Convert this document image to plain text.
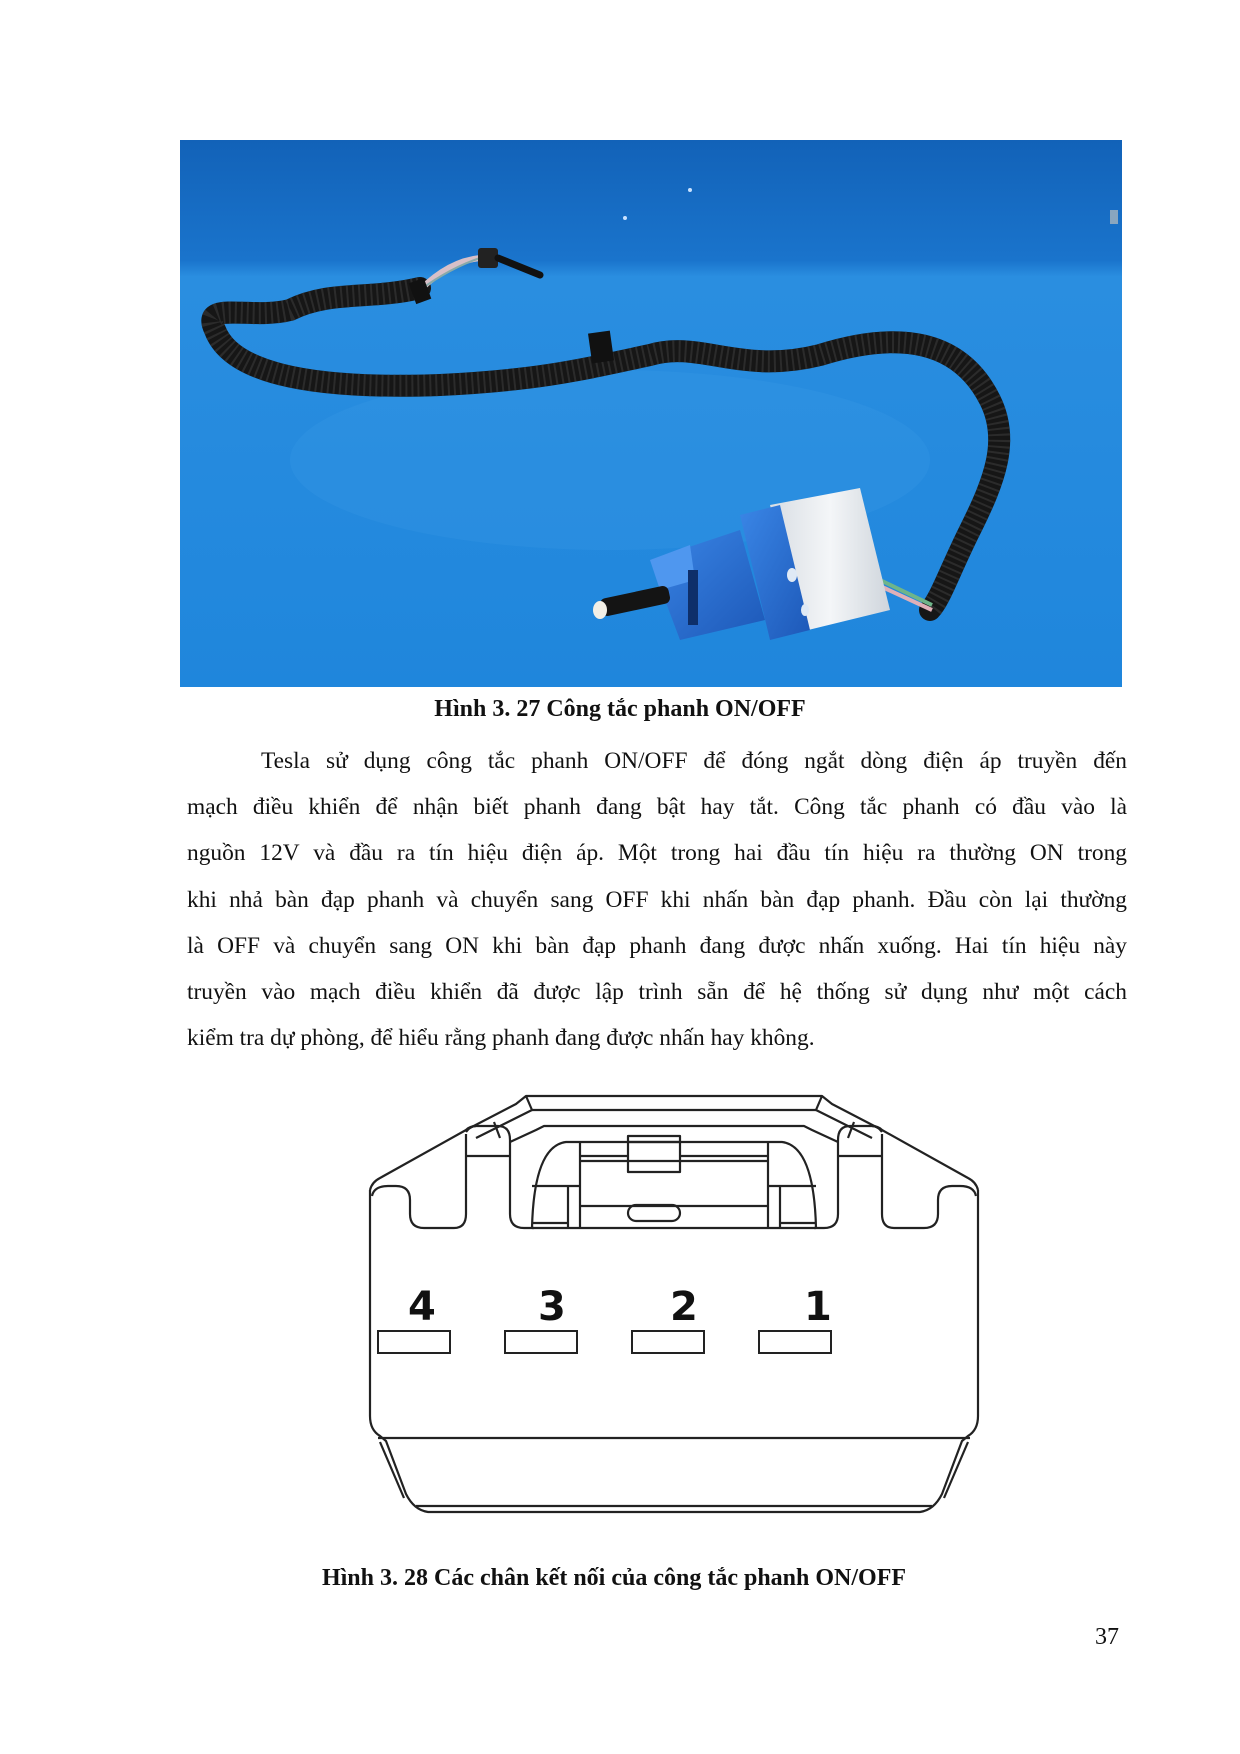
Hình 3. 27 Công tắc phanh ON/OFF
Tesla sử dụng công tắc phanh ON/OFF để đóng ngắt dòng điện áp truyền đến
mạch điều khiển để nhận biết phanh đang bật hay tắt. Công tắc phanh có đầu vào là
nguồn 12V và đầu ra tín hiệu điện áp. Một trong hai đầu tín hiệu ra thường ON trong
khi nhả bàn đạp phanh và chuyển sang OFF khi nhấn bàn đạp phanh. Đầu còn lại thường
là OFF và chuyển sang ON khi bàn đạp phanh đang được nhấn xuống. Hai tín hiệu này
truyền vào mạch điều khiển đã được lập trình sẵn để hệ thống sử dụng như một cách
kiểm tra dự phòng, để hiểu rằng phanh đang được nhấn hay không.
4	3	2	1
Hình 3. 28 Các chân kết nối của công tắc phanh ON/OFF
37
